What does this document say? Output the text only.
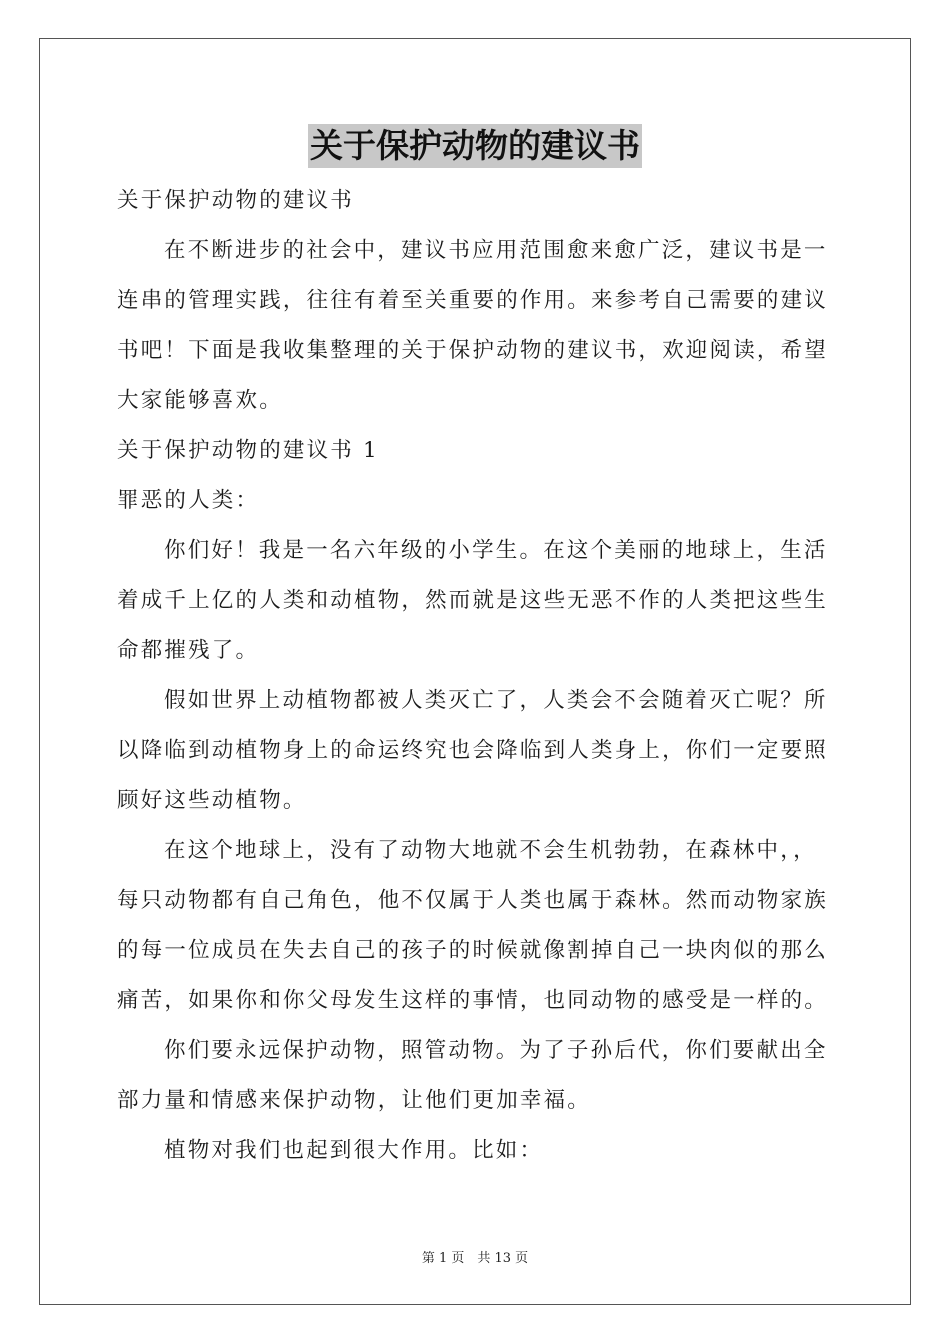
关于保护动物的建议书
关于保护动物的建议书
在不断进步的社会中，建议书应用范围愈来愈广泛，建议书是一
连串的管理实践，往往有着至关重要的作用。来参考自己需要的建议
书吧！下面是我收集整理的关于保护动物的建议书，欢迎阅读，希望
大家能够喜欢。
关于保护动物的建议书 1
罪恶的人类：
你们好！我是一名六年级的小学生。在这个美丽的地球上，生活
着成千上亿的人类和动植物，然而就是这些无恶不作的人类把这些生
命都摧残了。
假如世界上动植物都被人类灭亡了，人类会不会随着灭亡呢？所
以降临到动植物身上的命运终究也会降临到人类身上，你们一定要照
顾好这些动植物。
在这个地球上，没有了动物大地就不会生机勃勃，在森林中，，
每只动物都有自己角色，他不仅属于人类也属于森林。然而动物家族
的每一位成员在失去自己的孩子的时候就像割掉自己一块肉似的那么
痛苦，如果你和你父母发生这样的事情，也同动物的感受是一样的。
你们要永远保护动物，照管动物。为了子孙后代，你们要献出全
部力量和情感来保护动物，让他们更加幸福。
植物对我们也起到很大作用。比如：
第 1 页　共 13 页
